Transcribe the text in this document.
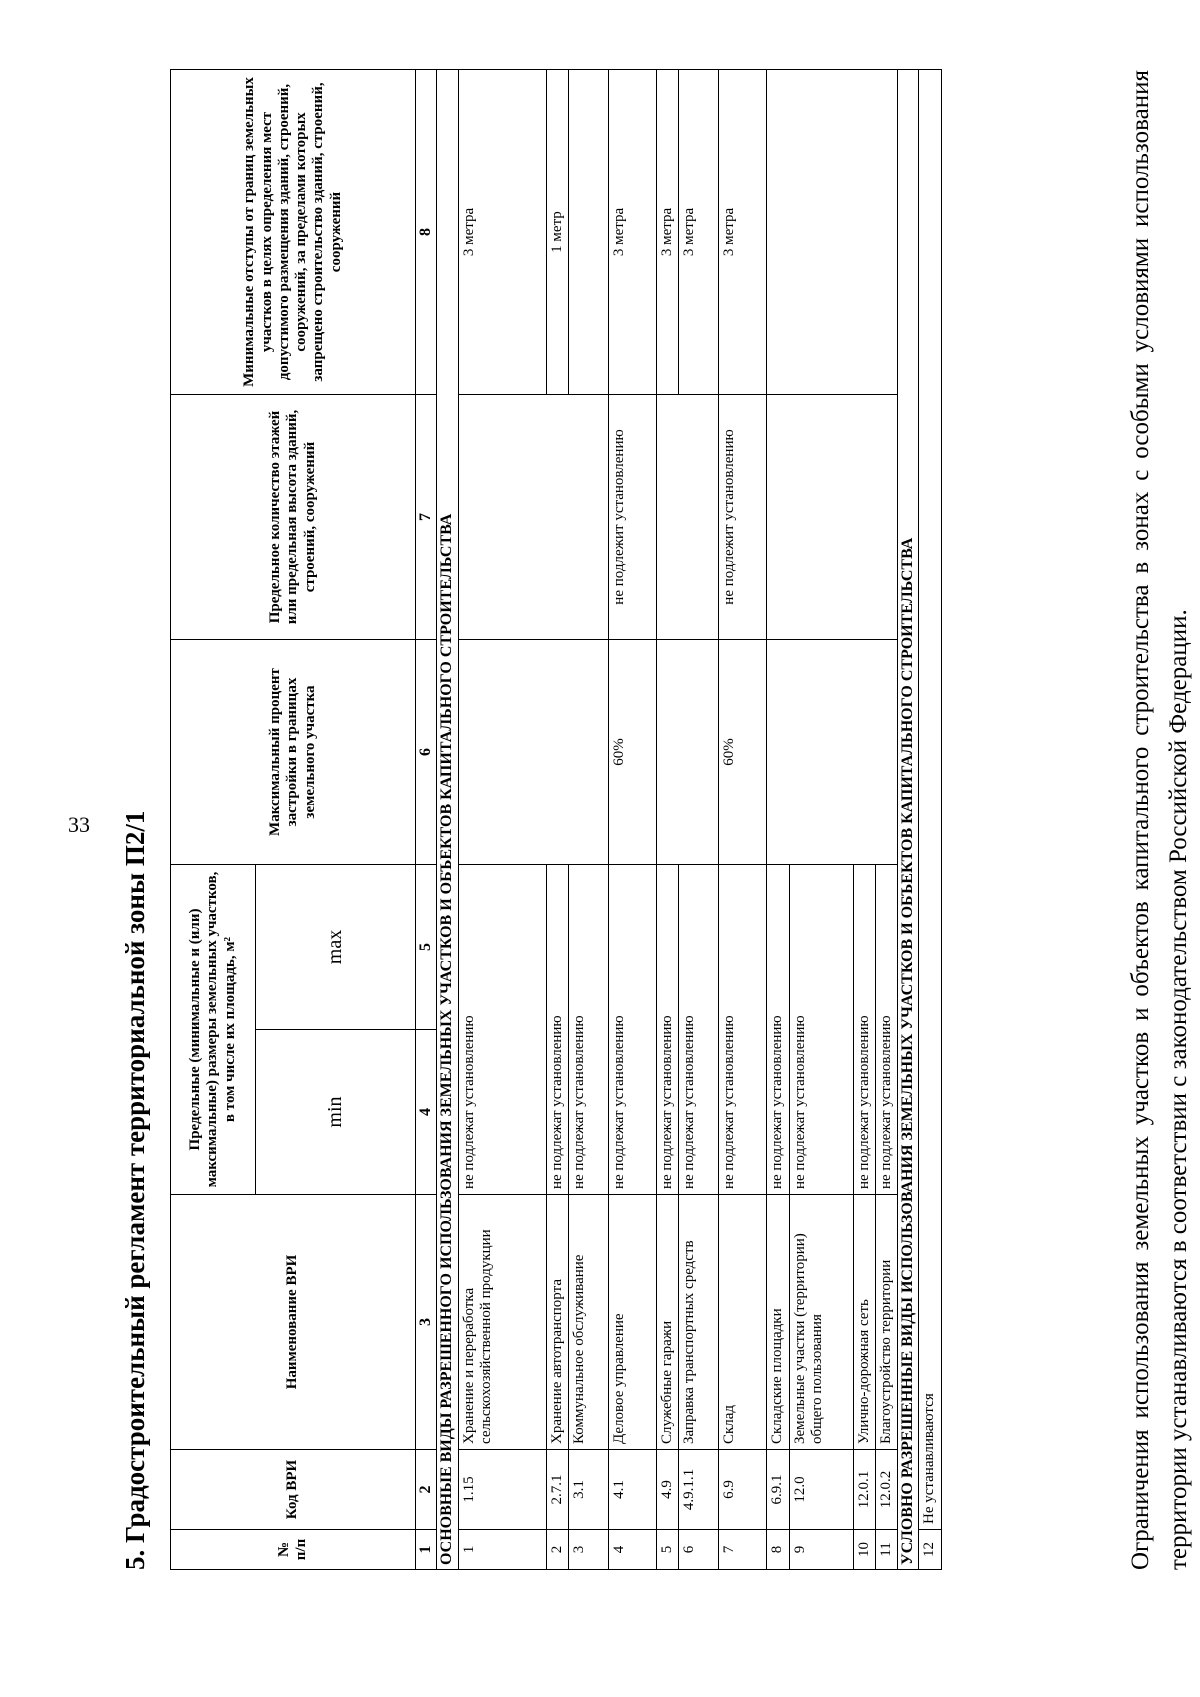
33 5. Градостроительный регламент территориальной зоны П2/1	№ п/п	Код ВРИ	Наименование ВРИ	Предельные (минимальные и (или) максимальные) размеры земельных участков, в том числе их площадь, м²		Максимальный процент застройки в границах земельного участка	Предельное количество этажей или предельная высота зданий, строений, сооружений	Минимальные отступы от границ земельных участков в целях определения мест допустимого размещения зданий, строений, сооружений, за пределами которых запрещено строительство зданий, строений, сооружений
			min	max			
1	2	3	4	5	6	7	8
ОСНОВНЫЕ ВИДЫ РАЗРЕШЕННОГО ИСПОЛЬЗОВАНИЯ ЗЕМЕЛЬНЫХ УЧАСТКОВ И ОБЪЕКТОВ КАПИТАЛЬНОГО СТРОИТЕЛЬСТВА							
1	1.15	Хранение и переработка сельскохозяйственной продукции	не подлежат установлению				3 метра
2	2.7.1	Хранение автотранспорта	не подлежат установлению				1 метр
3	3.1	Коммунальное обслуживание	не подлежат установлению				
4	4.1	Деловое управление	не подлежат установлению		60%	не подлежит установлению	3 метра
5	4.9	Служебные гаражи	не подлежат установлению				3 метра
6	4.9.1.1	Заправка транспортных средств	не подлежат установлению				3 метра
7	6.9	Склад	не подлежат установлению		60%	не подлежит установлению	3 метра
8	6.9.1	Складские площадки	не подлежат установлению				
9	12.0	Земельные участки (территории) общего пользования	не подлежат установлению				
10	12.0.1	Улично-дорожная сеть	не подлежат установлению				
11	12.0.2	Благоустройство территории	не подлежат установлению				
УСЛОВНО РАЗРЕШЕННЫЕ ВИДЫ ИСПОЛЬЗОВАНИЯ ЗЕМЕЛЬНЫХ УЧАСТКОВ И ОБЪЕКТОВ КАПИТАЛЬНОГО СТРОИТЕЛЬСТВА							
12	Не устанавливаются							Ограничения использования земельных участков и объектов капитального строительства в зонах с особыми условиями использования территории устанавливаются в соответствии с законодательством Российской Федерации.
